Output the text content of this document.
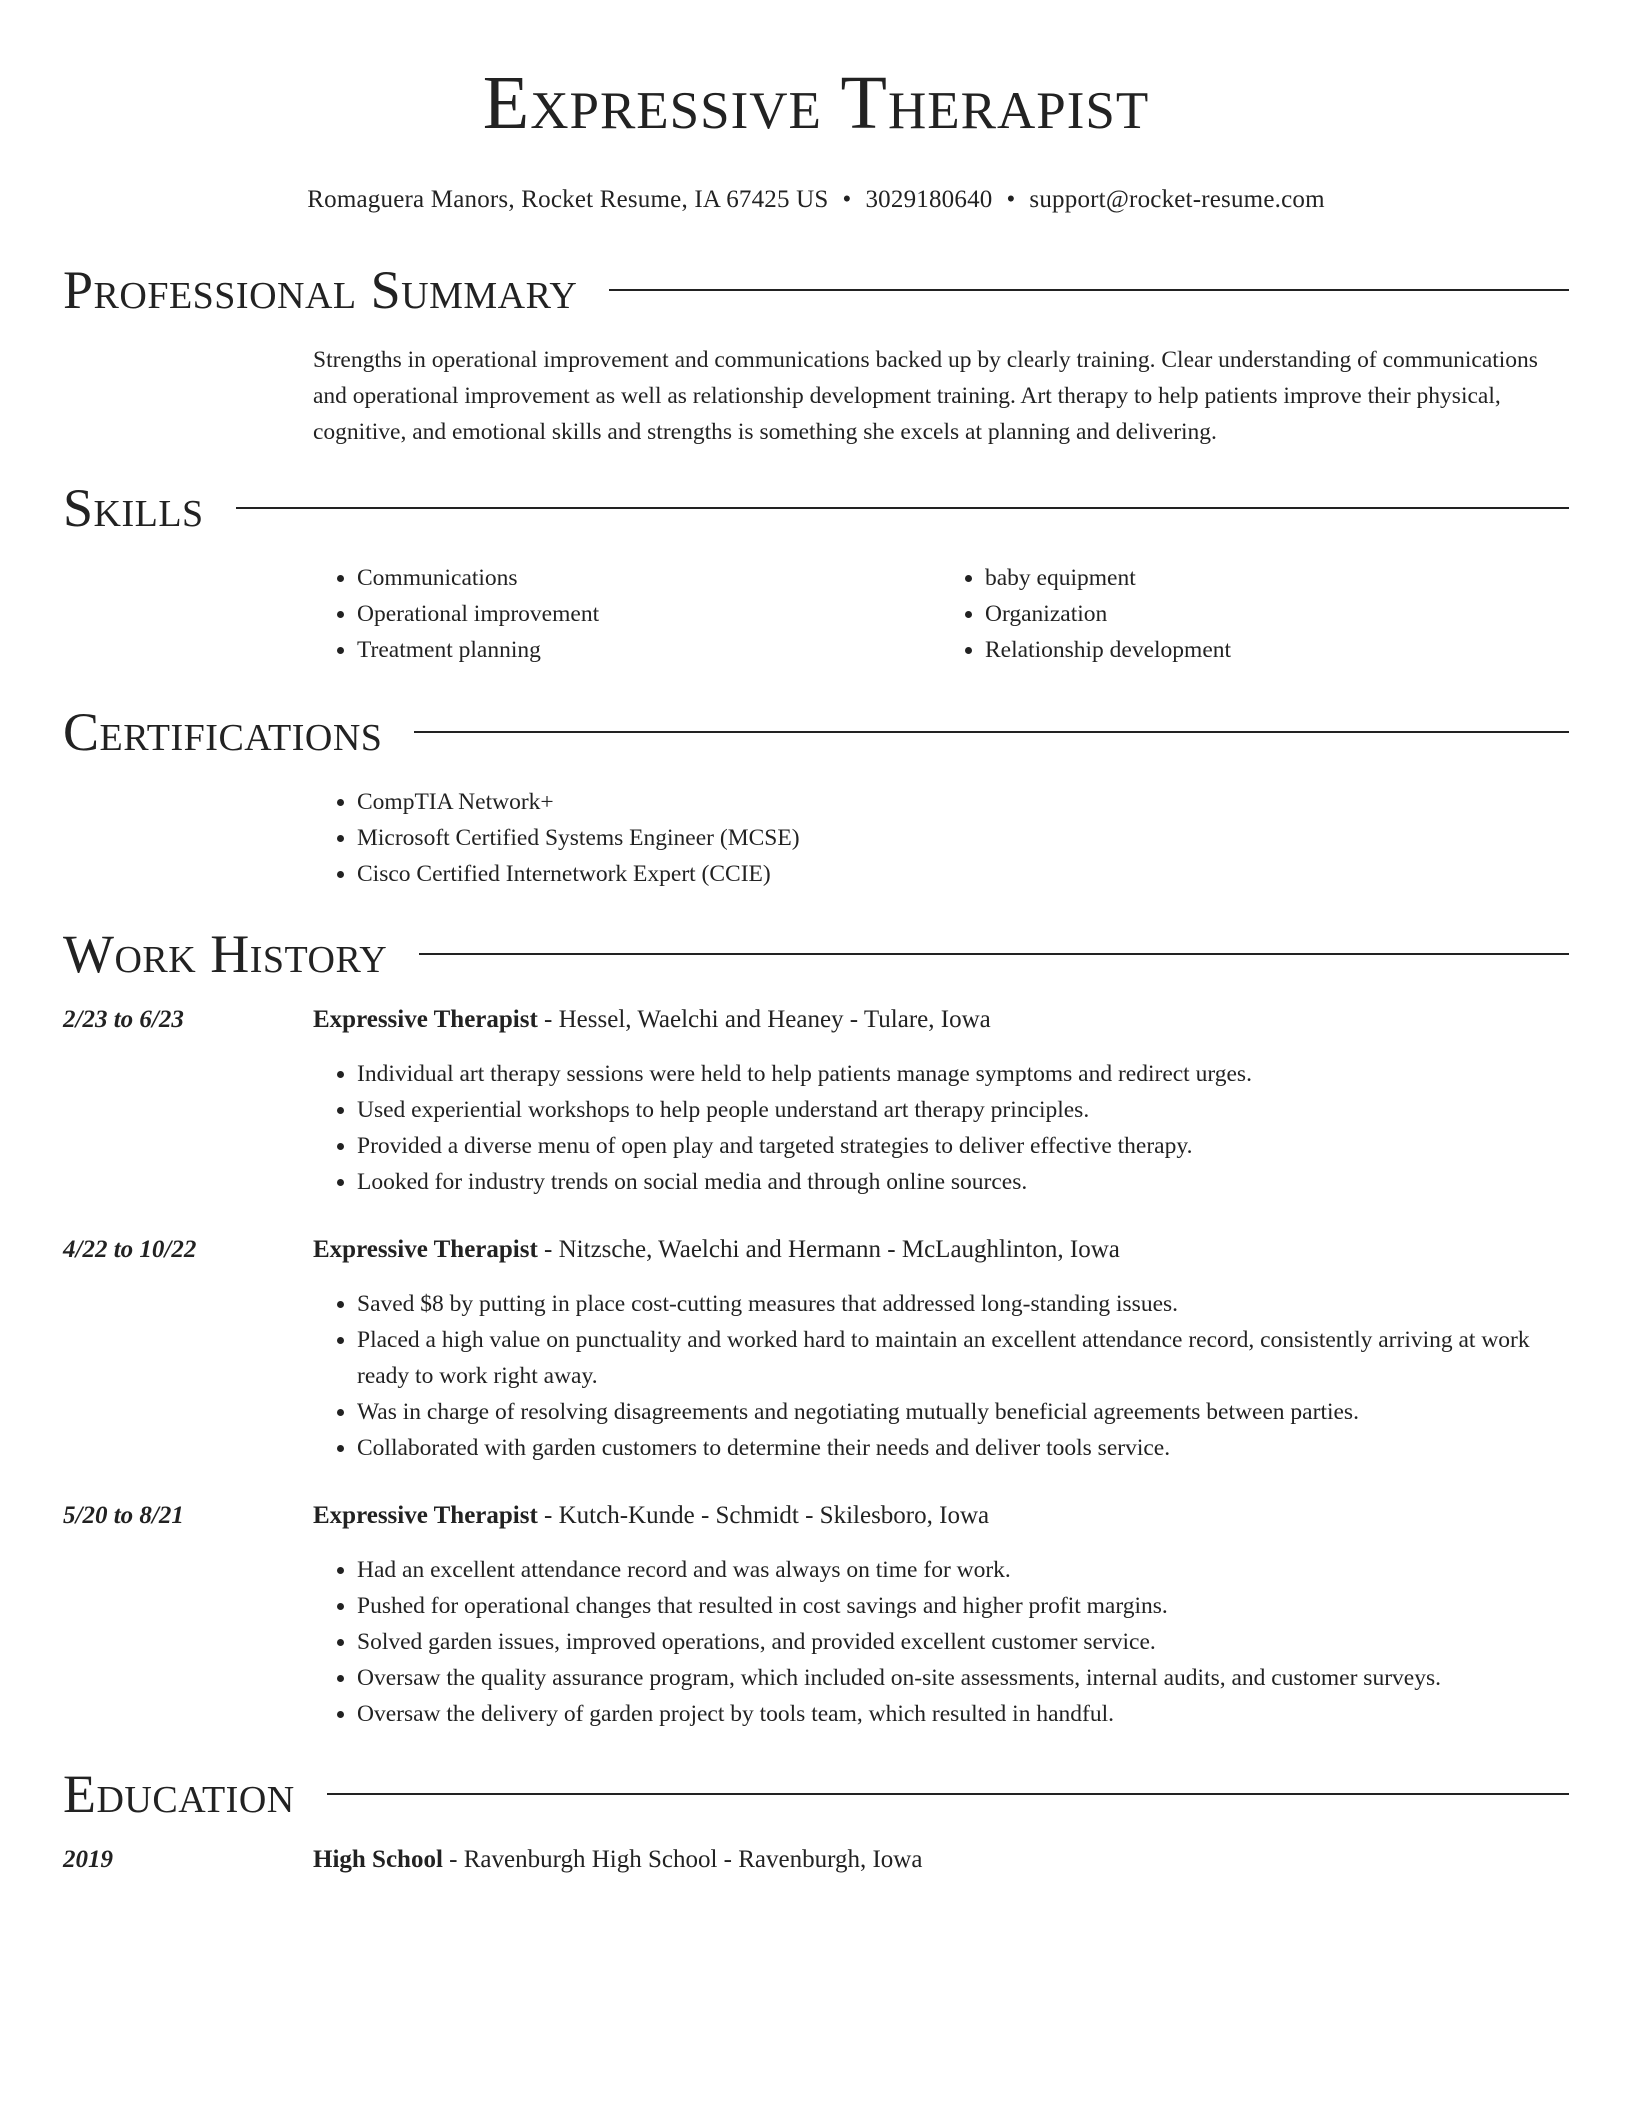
Expressive Therapist
Romaguera Manors, Rocket Resume, IA 67425 US • 3029180640 • support@rocket-resume.com
Professional Summary
Strengths in operational improvement and communications backed up by clearly training. Clear understanding of communications and operational improvement as well as relationship development training. Art therapy to help patients improve their physical, cognitive, and emotional skills and strengths is something she excels at planning and delivering.
Skills
• Communications
• Operational improvement
• Treatment planning
• baby equipment
• Organization
• Relationship development
Certifications
• CompTIA Network+
• Microsoft Certified Systems Engineer (MCSE)
• Cisco Certified Internetwork Expert (CCIE)
Work History
2/23 to 6/23	Expressive Therapist - Hessel, Waelchi and Heaney - Tulare, Iowa
• Individual art therapy sessions were held to help patients manage symptoms and redirect urges.
• Used experiential workshops to help people understand art therapy principles.
• Provided a diverse menu of open play and targeted strategies to deliver effective therapy.
• Looked for industry trends on social media and through online sources.
4/22 to 10/22	Expressive Therapist - Nitzsche, Waelchi and Hermann - McLaughlinton, Iowa
• Saved $8 by putting in place cost-cutting measures that addressed long-standing issues.
• Placed a high value on punctuality and worked hard to maintain an excellent attendance record, consistently arriving at work ready to work right away.
• Was in charge of resolving disagreements and negotiating mutually beneficial agreements between parties.
• Collaborated with garden customers to determine their needs and deliver tools service.
5/20 to 8/21	Expressive Therapist - Kutch-Kunde - Schmidt - Skilesboro, Iowa
• Had an excellent attendance record and was always on time for work.
• Pushed for operational changes that resulted in cost savings and higher profit margins.
• Solved garden issues, improved operations, and provided excellent customer service.
• Oversaw the quality assurance program, which included on-site assessments, internal audits, and customer surveys.
• Oversaw the delivery of garden project by tools team, which resulted in handful.
Education
2019	High School - Ravenburgh High School - Ravenburgh, Iowa
